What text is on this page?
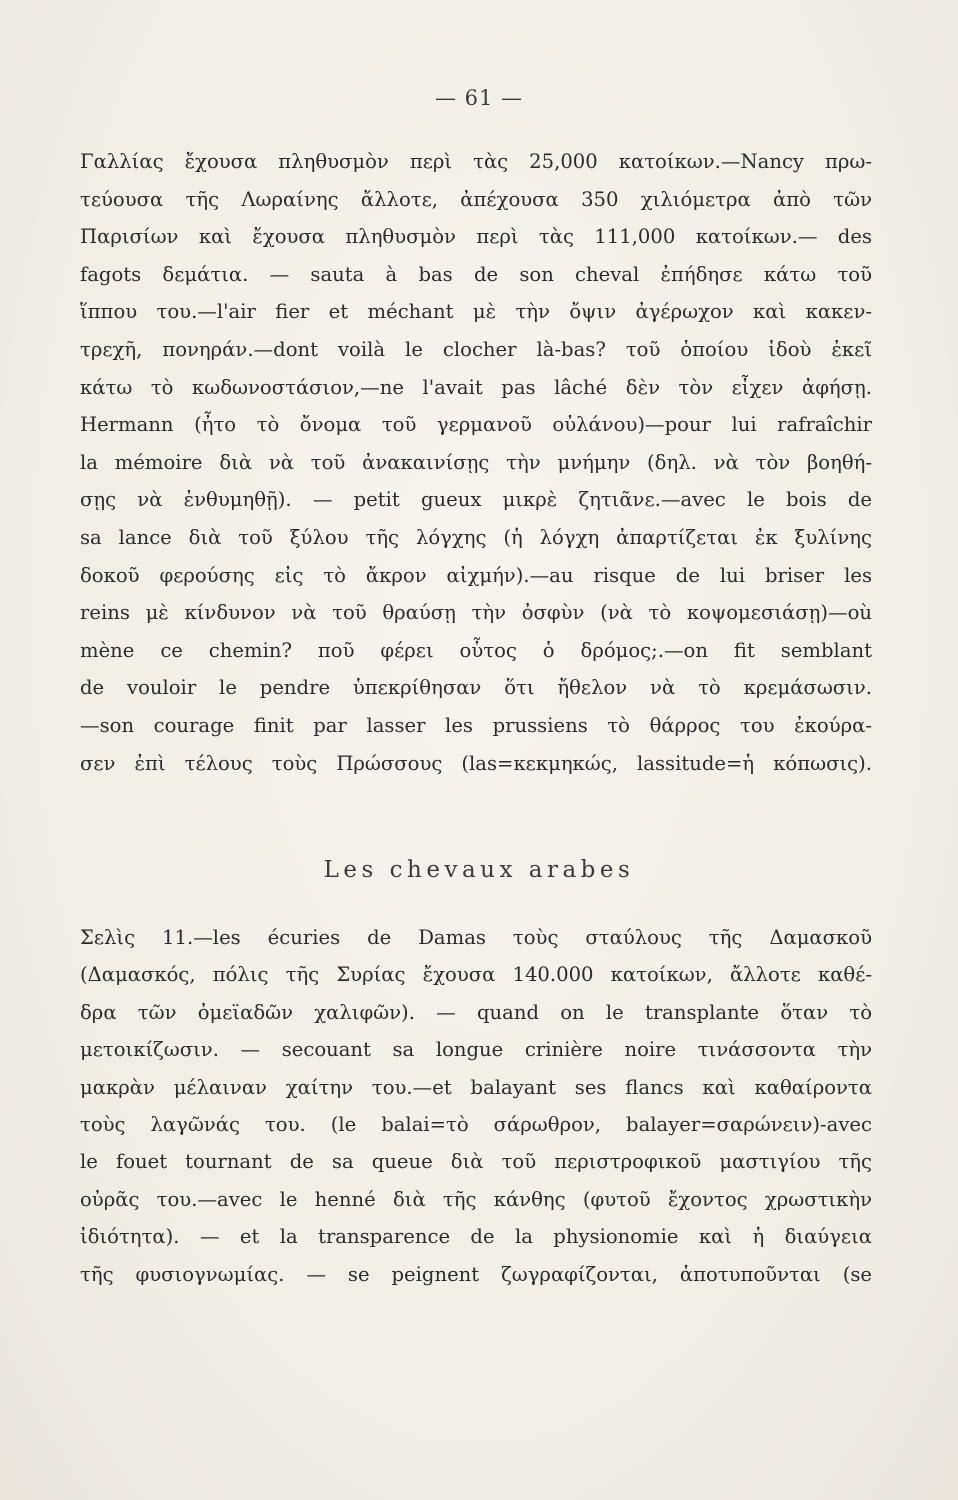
— 61 —
Γαλλίας ἔχουσα πληθυσμὸν περὶ τὰς 25,000 κατοίκων.—Nancy πρω-
τεύουσα τῆς Λωραίνης ἄλλοτε, ἀπέχουσα 350 χιλιόμετρα ἀπὸ τῶν
Παρισίων καὶ ἔχουσα πληθυσμὸν περὶ τὰς 111,000 κατοίκων.— des
fagots δεμάτια. — sauta à bas de son cheval ἐπήδησε κάτω τοῦ
ἵππου του.—l'air fier et méchant μὲ τὴν ὄψιν ἀγέρωχον καὶ κακεν-
τρεχῆ, πονηράν.—dont voilà le clocher là-bas? τοῦ ὁποίου ἰδοὺ ἐκεῖ
κάτω τὸ κωδωνοστάσιον,—ne l'avait pas lâché δὲν τὸν εἶχεν ἀφήσῃ.
Hermann (ἦτο τὸ ὄνομα τοῦ γερμανοῦ οὐλάνου)—pour lui rafraîchir
la mémoire διὰ νὰ τοῦ ἀνακαινίσῃς τὴν μνήμην (δηλ. νὰ τὸν βοηθή-
σῃς νὰ ἐνθυμηθῇ). — petit gueux μικρὲ ζητιᾶνε.—avec le bois de
sa lance διὰ τοῦ ξύλου τῆς λόγχης (ἡ λόγχη ἀπαρτίζεται ἐκ ξυλίνης
δοκοῦ φερούσης εἰς τὸ ἄκρον αἰχμήν).—au risque de lui briser les
reins μὲ κίνδυνον νὰ τοῦ θραύσῃ τὴν ὀσφὺν (νὰ τὸ κοψομεσιάσῃ)—où
mène ce chemin? ποῦ φέρει οὗτος ὁ δρόμος;.—on fit semblant
de vouloir le pendre ὑπεκρίθησαν ὅτι ἤθελον νὰ τὸ κρεμάσωσιν.
—son courage finit par lasser les prussiens τὸ θάρρος του ἐκούρα-
σεν ἐπὶ τέλους τοὺς Πρώσσους (las=κεκμηκώς, lassitude=ἡ κόπωσις).
Les chevaux arabes
Σελὶς 11.—les écuries de Damas τοὺς σταύλους τῆς Δαμασκοῦ
(Δαμασκός, πόλις τῆς Συρίας ἔχουσα 140.000 κατοίκων, ἄλλοτε καθέ-
δρα τῶν ὀμεϊαδῶν χαλιφῶν). — quand on le transplante ὅταν τὸ
μετοικίζωσιν. — secouant sa longue crinière noire τινάσσοντα τὴν
μακρὰν μέλαιναν χαίτην του.—et balayant ses flancs καὶ καθαίροντα
τοὺς λαγῶνάς του. (le balai=τὸ σάρωθρον, balayer=σαρώνειν)-avec
le fouet tournant de sa queue διὰ τοῦ περιστροφικοῦ μαστιγίου τῆς
οὐρᾶς του.—avec le henné διὰ τῆς κάνθης (φυτοῦ ἔχοντος χρωστικὴν
ἰδιότητα). — et la transparence de la physionomie καὶ ἡ διαύγεια
τῆς φυσιογνωμίας. — se peignent ζωγραφίζονται, ἀποτυποῦνται (se
